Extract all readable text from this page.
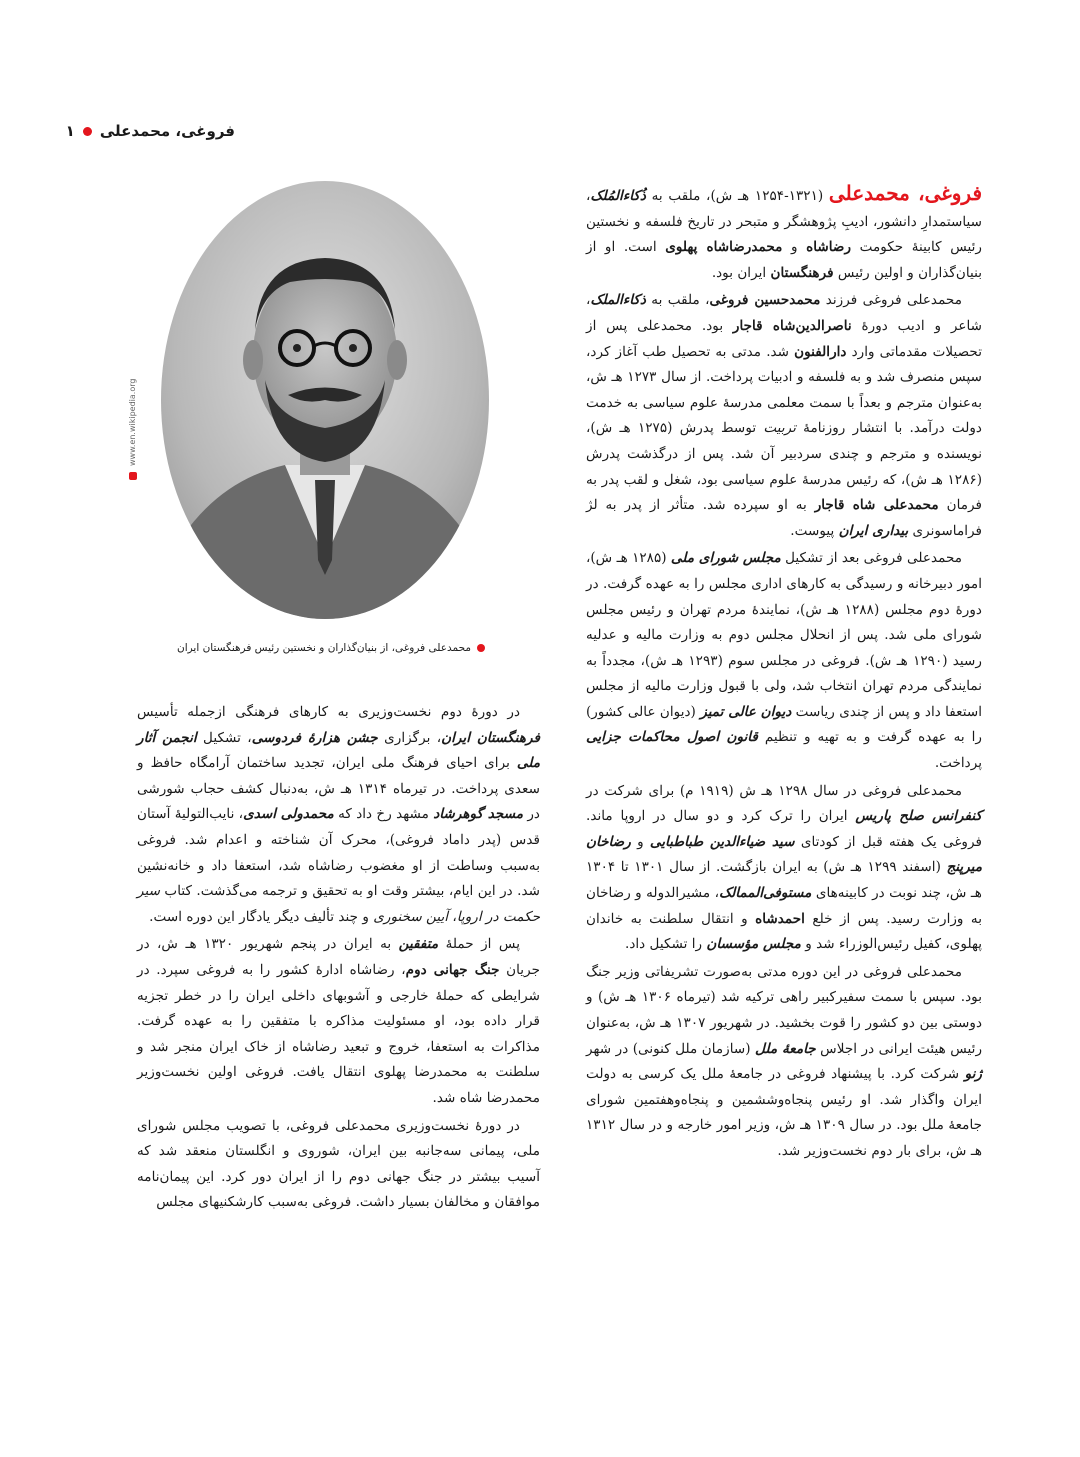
فروغی، محمدعلی
۱

فروغی، محمدعلی (۱۳۲۱-۱۲۵۴ هـ ش)، ملقب به ذُکاءالمُلک، سیاستمدارِ دانشور، ادیبِ پژوهشگر و متبحر در تاریخ فلسفه و نخستین رئیس کابینهٔ حکومت رضاشاه و محمدرضاشاه پهلوی است. او از بنیان‌گذاران و اولین رئیس فرهنگستان ایران بود.

محمدعلی فروغی فرزند محمدحسین فروغی، ملقب به ذکاءالملک، شاعر و ادیب دورهٔ ناصرالدین‌شاه قاجار بود. محمدعلی پس از تحصیلات مقدماتی وارد دارالفنون شد. مدتی به تحصیل طب آغاز کرد، سپس منصرف شد و به فلسفه و ادبیات پرداخت. از سال ۱۲۷۳ هـ ش، به‌عنوان مترجم و بعداً با سمت معلمی مدرسهٔ علوم سیاسی به خدمت دولت درآمد. با انتشار روزنامهٔ تربیت توسط پدرش (۱۲۷۵ هـ ش)، نویسنده و مترجم و چندی سردبیر آن شد. پس از درگذشت پدرش (۱۲۸۶ هـ ش)، که رئیس مدرسهٔ علوم سیاسی بود، شغل و لقب پدر به فرمان محمدعلی شاه قاجار به او سپرده شد. متأثر از پدر به لژ فراماسونری بیداری ایران پیوست.

محمدعلی فروغی بعد از تشکیل مجلس شورای ملی (۱۲۸۵ هـ ش)، امور دبیرخانه و رسیدگی به کارهای اداری مجلس را به عهده گرفت. در دورهٔ دوم مجلس (۱۲۸۸ هـ ش)، نمایندهٔ مردم تهران و رئیس مجلس شورای ملی شد. پس از انحلال مجلس دوم به وزارت مالیه و عدلیه رسید (۱۲۹۰ هـ ش). فروغی در مجلس سوم (۱۲۹۳ هـ ش)، مجدداً به نمایندگی مردم تهران انتخاب شد، ولی با قبول وزارت مالیه از مجلس استعفا داد و پس از چندی ریاست دیوان عالی تمیز (دیوان عالی کشور) را به عهده گرفت و به تهیه و تنظیم قانون اصول محاکمات جزایی پرداخت.

محمدعلی فروغی در سال ۱۲۹۸ هـ ش (۱۹۱۹ م) برای شرکت در کنفرانس صلح پاریس ایران را ترک کرد و دو سال در اروپا ماند. فروغی یک هفته قبل از کودتای سید ضیاءالدین طباطبایی و رضاخان میرپنج (اسفند ۱۲۹۹ هـ ش) به ایران بازگشت. از سال ۱۳۰۱ تا ۱۳۰۴ هـ ش، چند نوبت در کابینه‌های مستوفی‌الممالک، مشیرالدوله و رضاخان به وزارت رسید. پس از خلع احمدشاه و انتقال سلطنت به خاندان پهلوی، کفیل رئیس‌الوزراء شد و مجلس مؤسسان را تشکیل داد.

محمدعلی فروغی در این دوره مدتی به‌صورت تشریفاتی وزیر جنگ بود. سپس با سمت سفیرکبیر راهی ترکیه شد (تیرماه ۱۳۰۶ هـ ش) و دوستی بین دو کشور را قوت بخشید. در شهریور ۱۳۰۷ هـ ش، به‌عنوان رئیس هیئت ایرانی در اجلاس جامعهٔ ملل (سازمان ملل کنونی) در شهر ژنو شرکت کرد. با پیشنهاد فروغی در جامعهٔ ملل یک کرسی به دولت ایران واگذار شد. او رئیس پنجاه‌وششمین و پنجاه‌وهفتمین شورای جامعهٔ ملل بود. در سال ۱۳۰۹ هـ ش، وزیر امور خارجه و در سال ۱۳۱۲ هـ ش، برای بار دوم نخست‌وزیر شد.

www.en.wikipedia.org
محمدعلی فروغی، از بنیان‌گذاران و نخستین رئیس فرهنگستان ایران

در دورهٔ دوم نخست‌وزیری به کارهای فرهنگی ازجمله تأسیس فرهنگستان ایران، برگزاری جشن هزارهٔ فردوسی، تشکیل انجمن آثار ملی برای احیای فرهنگ ملی ایران، تجدید ساختمان آرامگاه حافظ و سعدی پرداخت. در تیرماه ۱۳۱۴ هـ ش، به‌دنبال کشف حجاب شورشی در مسجد گوهرشاد مشهد رخ داد که محمدولی اسدی، نایب‌التولیهٔ آستان قدس (پدر داماد فروغی)، محرک آن شناخته و اعدام شد. فروغی به‌سبب وساطت از او مغضوب رضاشاه شد، استعفا داد و خانه‌نشین شد. در این ایام، بیشتر وقت او به تحقیق و ترجمه می‌گذشت. کتاب سیر حکمت در اروپا، آیین سخنوری و چند تألیف دیگر یادگار این دوره است.

پس از حملهٔ متفقین به ایران در پنجم شهریور ۱۳۲۰ هـ ش، در جریان جنگ جهانی دوم، رضاشاه ادارهٔ کشور را به فروغی سپرد. در شرایطی که حملهٔ خارجی و آشوبهای داخلی ایران را در خطر تجزیه قرار داده بود، او مسئولیت مذاکره با متفقین را به عهده گرفت. مذاکرات به استعفا، خروج و تبعید رضاشاه از خاک ایران منجر شد و سلطنت به محمدرضا پهلوی انتقال یافت. فروغی اولین نخست‌وزیر محمدرضا شاه شد.

در دورهٔ نخست‌وزیری محمدعلی فروغی، با تصویب مجلس شورای ملی، پیمانی سه‌جانبه بین ایران، شوروی و انگلستان منعقد شد که آسیب بیشتر در جنگ جهانی دوم را از ایران دور کرد. این پیمان‌نامه موافقان و مخالفان بسیار داشت. فروغی به‌سبب کارشکنیهای مجلس
